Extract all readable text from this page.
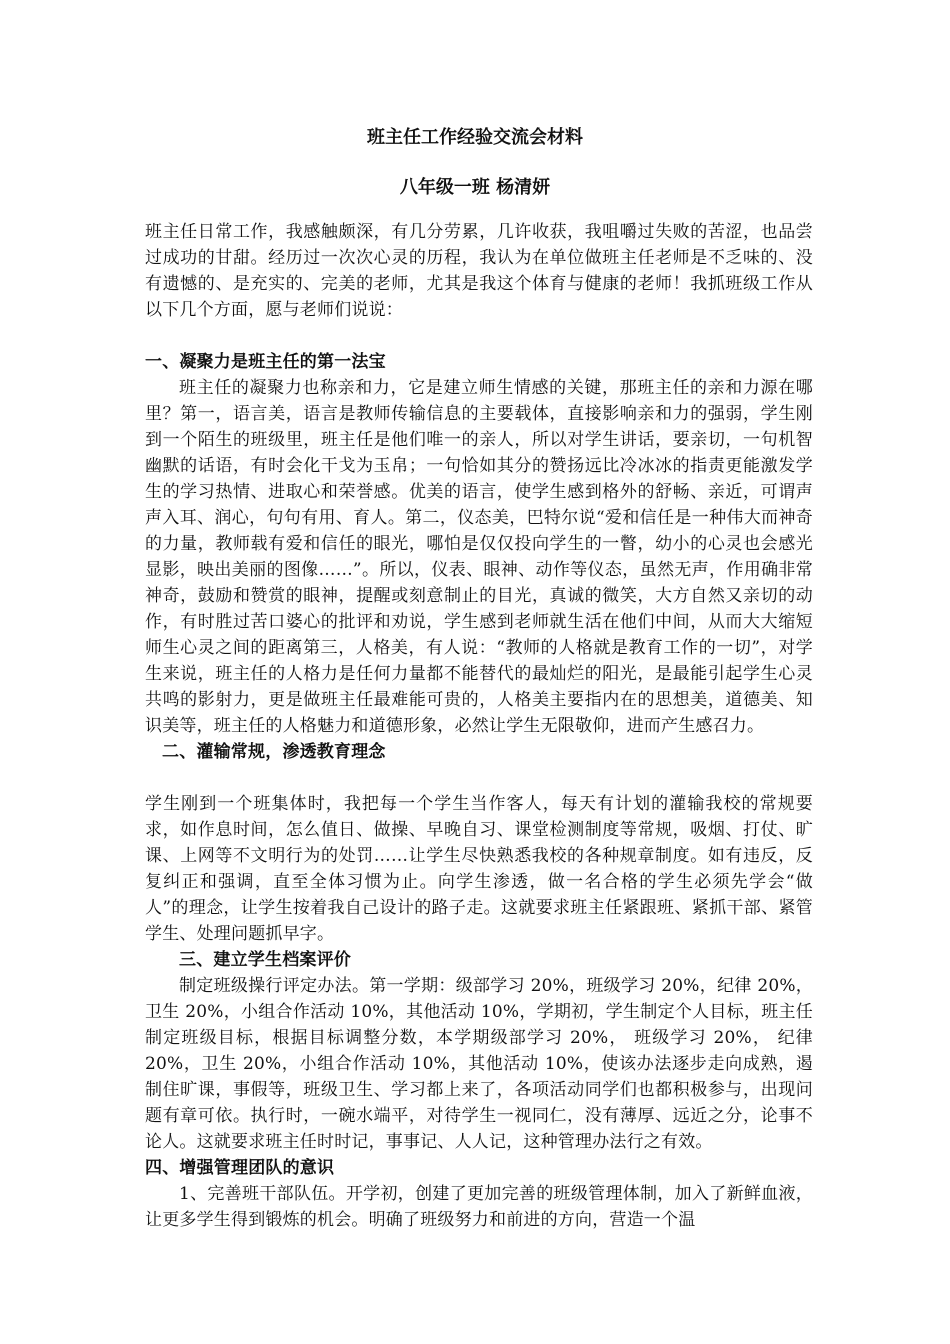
班主任工作经验交流会材料
八年级一班 杨清妍

班主任日常工作，我感触颇深，有几分劳累，几许收获，我咀嚼过失败的苦涩，也品尝过成功的甘甜。经历过一次次心灵的历程，我认为在单位做班主任老师是不乏味的、没有遗憾的、是充实的、完美的老师，尤其是我这个体育与健康的老师！我抓班级工作从以下几个方面，愿与老师们说说：

一、凝聚力是班主任的第一法宝

班主任的凝聚力也称亲和力，它是建立师生情感的关键，那班主任的亲和力源在哪里？第一，语言美，语言是教师传输信息的主要载体，直接影响亲和力的强弱，学生刚到一个陌生的班级里，班主任是他们唯一的亲人，所以对学生讲话，要亲切，一句机智幽默的话语，有时会化干戈为玉帛；一句恰如其分的赞扬远比冷冰冰的指责更能激发学生的学习热情、进取心和荣誉感。优美的语言，使学生感到格外的舒畅、亲近，可谓声声入耳、润心，句句有用、育人。第二，仪态美，巴特尔说“爱和信任是一种伟大而神奇的力量，教师载有爱和信任的眼光，哪怕是仅仅投向学生的一瞥，幼小的心灵也会感光显影，映出美丽的图像……”。所以，仪表、眼神、动作等仪态，虽然无声，作用确非常神奇，鼓励和赞赏的眼神，提醒或刻意制止的目光，真诚的微笑，大方自然又亲切的动作，有时胜过苦口婆心的批评和劝说，学生感到老师就生活在他们中间，从而大大缩短师生心灵之间的距离第三，人格美，有人说：“教师的人格就是教育工作的一切”，对学生来说，班主任的人格力是任何力量都不能替代的最灿烂的阳光，是最能引起学生心灵共鸣的影射力，更是做班主任最难能可贵的，人格美主要指内在的思想美，道德美、知识美等，班主任的人格魅力和道德形象，必然让学生无限敬仰，进而产生感召力。

二、灌输常规，渗透教育理念

学生刚到一个班集体时，我把每一个学生当作客人，每天有计划的灌输我校的常规要求，如作息时间，怎么值日、做操、早晚自习、课堂检测制度等常规，吸烟、打仗、旷课、上网等不文明行为的处罚……让学生尽快熟悉我校的各种规章制度。如有违反，反复纠正和强调，直至全体习惯为止。向学生渗透，做一名合格的学生必须先学会“做人”的理念，让学生按着我自己设计的路子走。这就要求班主任紧跟班、紧抓干部、紧管学生、处理问题抓早字。

三、建立学生档案评价

制定班级操行评定办法。第一学期：级部学习 20%，班级学习 20%，纪律 20%，卫生 20%，小组合作活动 10%，其他活动 10%，学期初，学生制定个人目标，班主任制定班级目标，根据目标调整分数，本学期级部学习 20%， 班级学习 20%， 纪律 20%，卫生 20%，小组合作活动 10%，其他活动 10%，使该办法逐步走向成熟，遏制住旷课，事假等，班级卫生、学习都上来了，各项活动同学们也都积极参与，出现问题有章可依。执行时，一碗水端平，对待学生一视同仁，没有薄厚、远近之分，论事不论人。这就要求班主任时时记，事事记、人人记，这种管理办法行之有效。

四、增强管理团队的意识

1、完善班干部队伍。开学初，创建了更加完善的班级管理体制，加入了新鲜血液，让更多学生得到锻炼的机会。明确了班级努力和前进的方向，营造一个温
